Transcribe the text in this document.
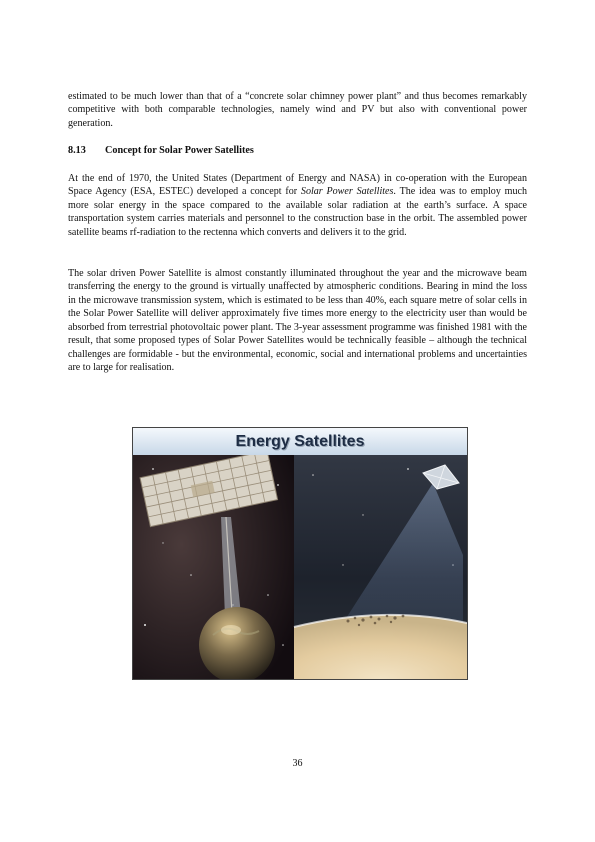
estimated to be much lower than that of a “concrete solar chimney power plant” and thus becomes remarkably competitive with both comparable technologies, namely wind and PV but also with conventional power generation.

8.13 Concept for Solar Power Satellites

At the end of 1970, the United States (Department of Energy and NASA) in co-operation with the European Space Agency (ESA, ESTEC) developed a concept for Solar Power Satellites. The idea was to employ much more solar energy in the space compared to the available solar radiation at the earth’s surface. A space transportation system carries materials and personnel to the construction base in the orbit. The assembled power satellite beams rf-radiation to the rectenna which converts and delivers it to the grid.

The solar driven Power Satellite is almost constantly illuminated throughout the year and the microwave beam transferring the energy to the ground is virtually unaffected by atmospheric conditions. Bearing in mind the loss in the microwave transmission system, which is estimated to be less than 40%, each square metre of solar cells in the Solar Power Satellite will deliver approximately five times more energy to the electricity user than would be absorbed from terrestrial photovoltaic power plant. The 3-year assessment programme was finished 1981 with the result, that some proposed types of Solar Power Satellites would be technically feasible – although the technical challenges are formidable - but the environmental, economic, social and international problems and uncertainties are to large for realisation.

Energy Satellites

36
